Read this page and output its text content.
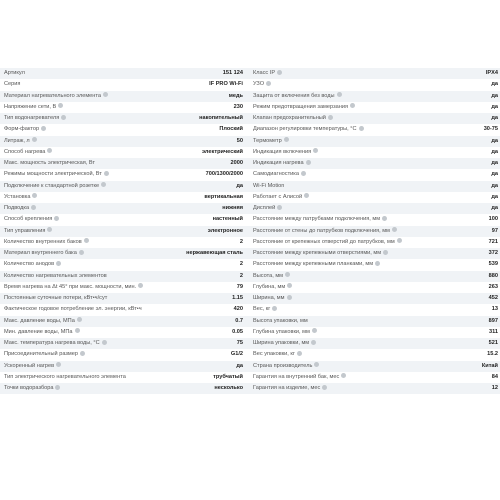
Артикул	151 124
Серия	IF PRO Wi-Fi
Материал нагревательного элемента	медь
Напряжение сети, В	230
Тип водонагревателя	накопительный
Форм-фактор	Плоский
Литраж, л	50
Способ нагрева	электрический
Макс. мощность электрическая, Вт	2000
Режимы мощности электрической, Вт	700/1300/2000
Подключение к стандартной розетке	да
Установка	вертикальная
Подводка	нижняя
Способ крепления	настенный
Тип управления	электронное
Количество внутренних баков	2
Материал внутреннего бака	нержавеющая сталь
Количество анодов	2
Количество нагревательных элементов	2
Время нагрева на Δt 45° при макс. мощности, мин.	79
Постоянные суточные потери, кВт•ч/сут	1.15
Фактическое годовое потребление эл. энергии, кВт•ч	420
Макс. давление воды, МПа	0.7
Мин. давление воды, МПа	0.05
Макс. температура нагрева воды, °С	75
Присоединительный размер	G1/2
Ускоренный нагрев	да
Тип электрического нагревательного элемента	трубчатый
Точки водоразбора	несколько
Класс IP	IPX4
УЗО	да
Защита от включения без воды	да
Режим предотвращения замерзания	да
Клапан предохранительный	да
Диапазон регулировки температуры, °С	30-75
Термометр	да
Индикация включения	да
Индикация нагрева	да
Самодиагностика	да
Wi-Fi Motion	да
Работает с Алисой	да
Дисплей	да
Расстояние между патрубками подключения, мм	100
Расстояние от стены до патрубков подключения, мм	97
Расстояние от крепежных отверстий до патрубков, мм	721
Расстояние между крепежными отверстиями, мм	372
Расстояние между крепежными планками, мм	539
Высота, мм	880
Глубина, мм	263
Ширина, мм	452
Вес, кг	13
Высота упаковки, мм	897
Глубина упаковки, мм	311
Ширина упаковки, мм	521
Вес упаковки, кг	15.2
Страна производитель	Китай
Гарантия на внутренний бак, мес	84
Гарантия на изделие, мес	12
